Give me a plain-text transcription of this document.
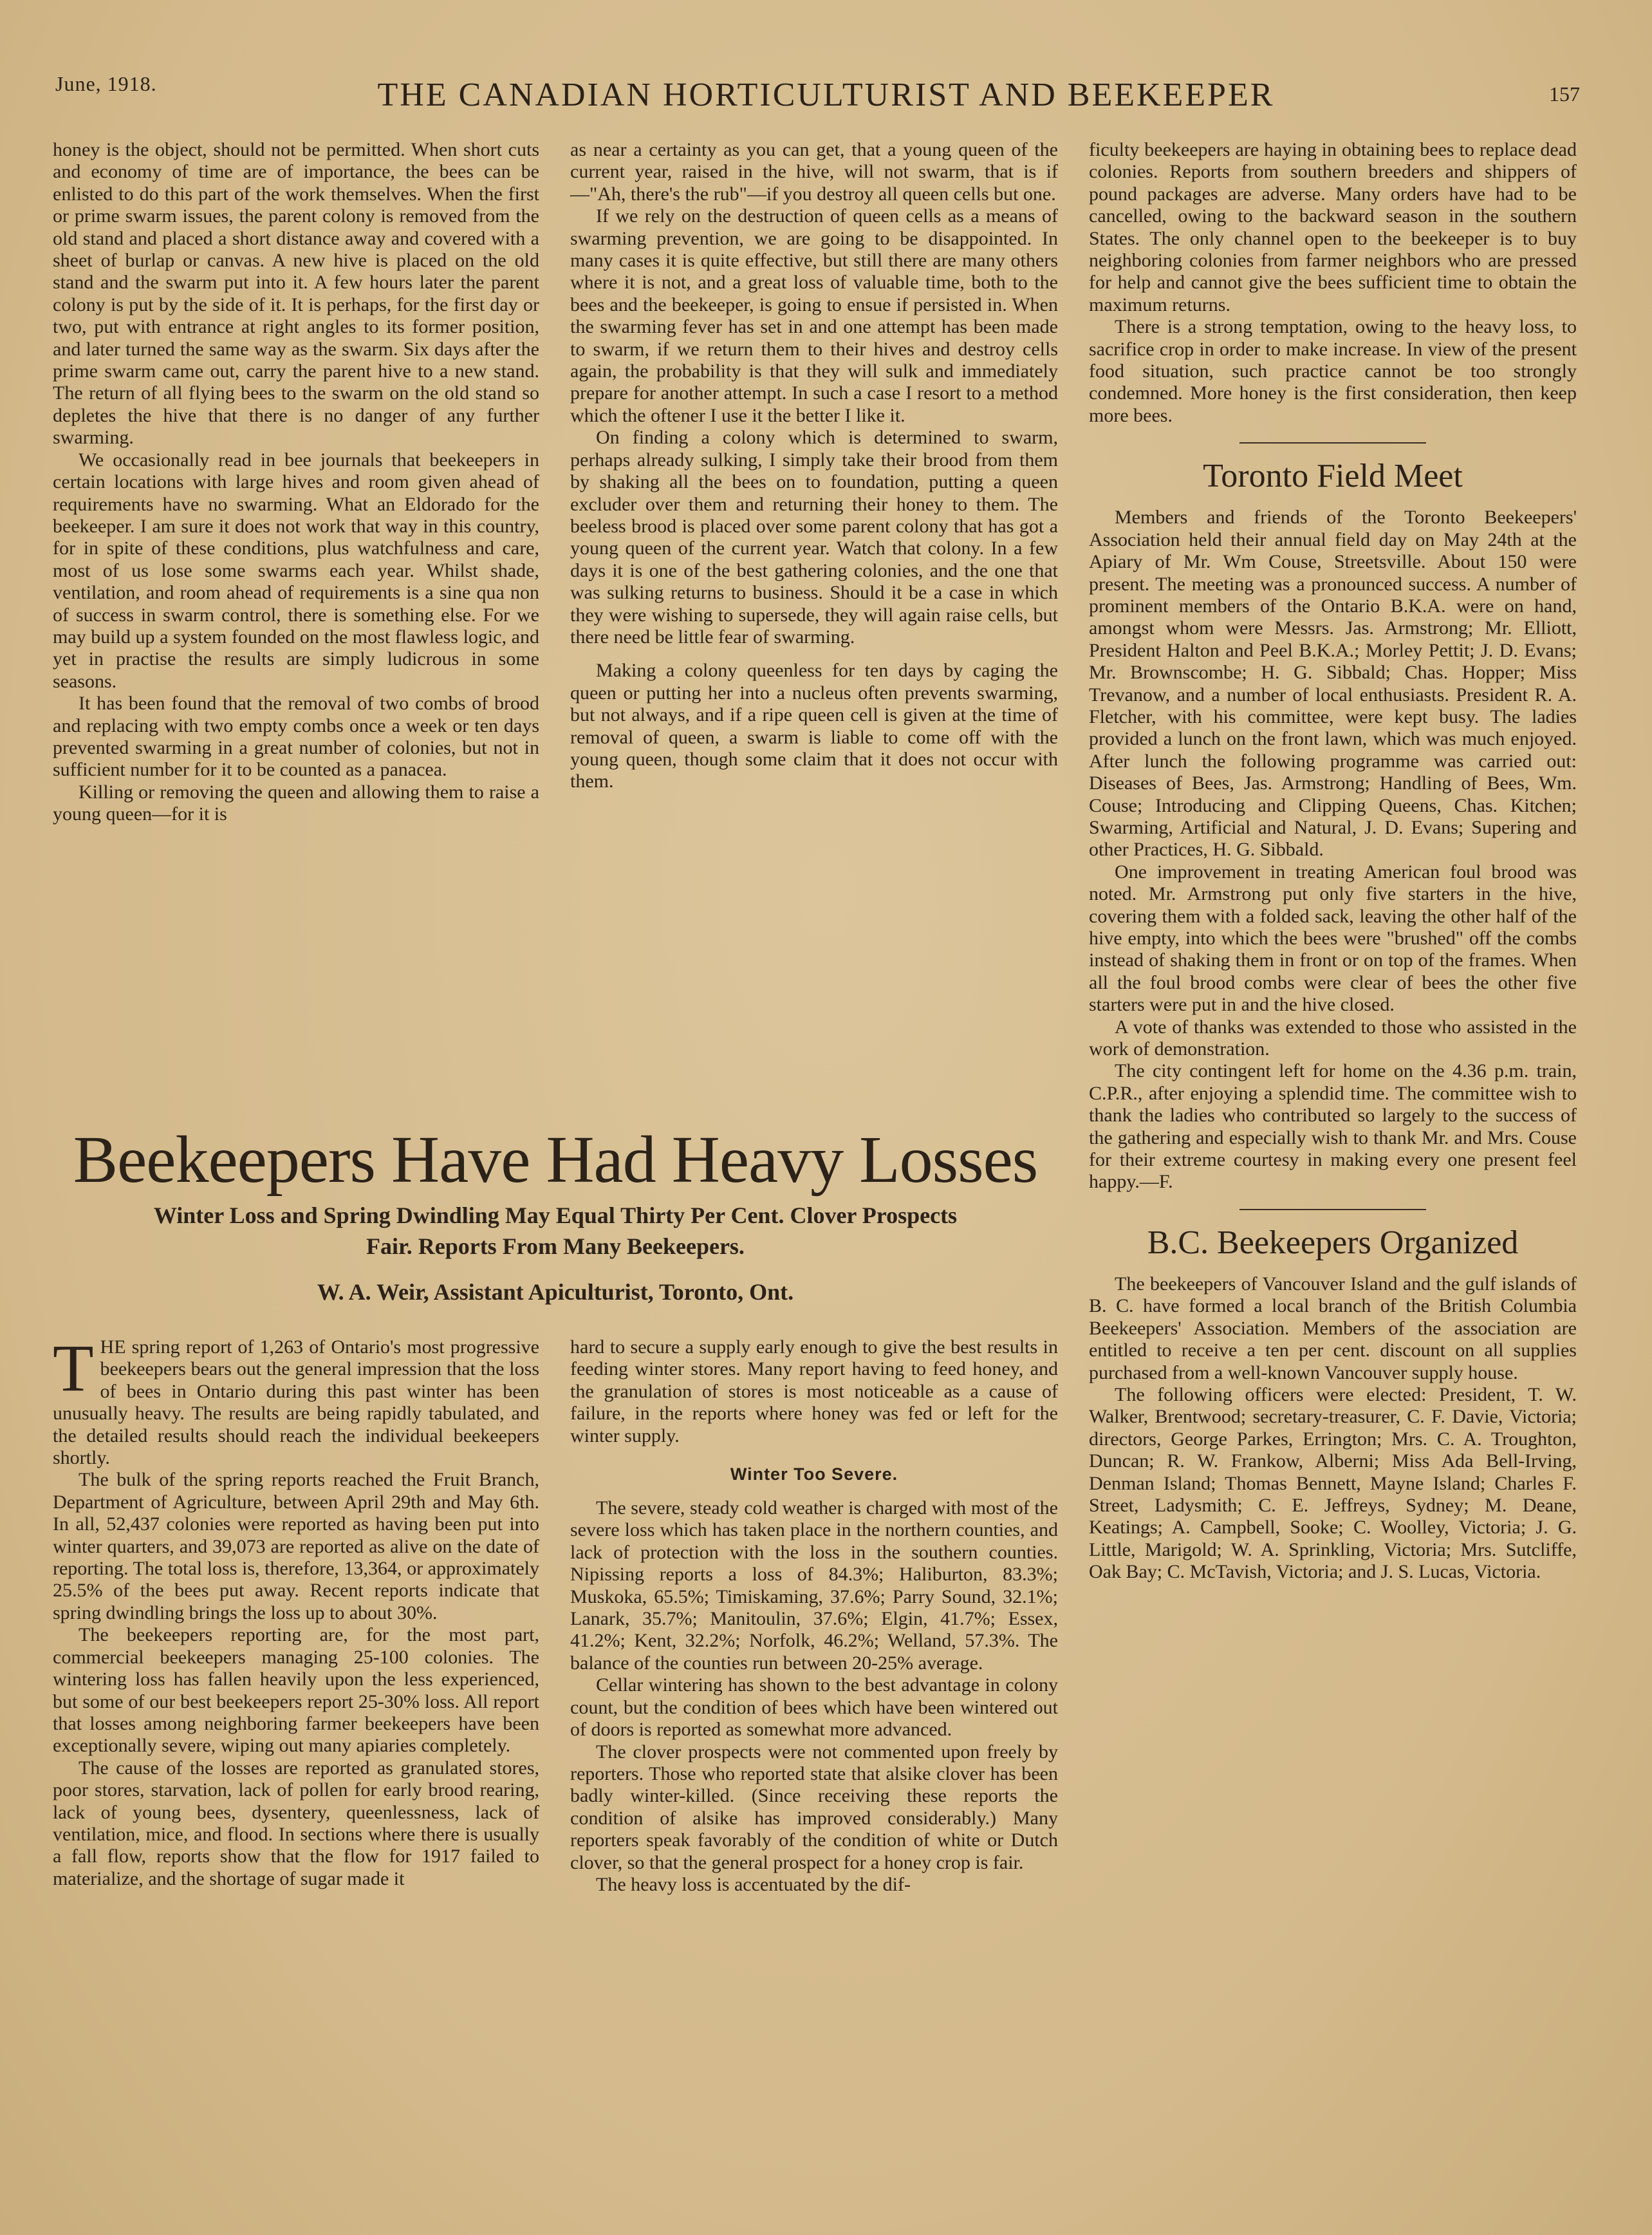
June, 1918.	THE CANADIAN HORTICULTURIST AND BEEKEEPER	157

honey is the object, should not be permitted. When short cuts and economy of time are of importance, the bees can be enlisted to do this part of the work themselves. When the first or prime swarm issues, the parent colony is removed from the old stand and placed a short distance away and covered with a sheet of burlap or canvas. A new hive is placed on the old stand and the swarm put into it. A few hours later the parent colony is put by the side of it. It is perhaps, for the first day or two, put with entrance at right angles to its former position, and later turned the same way as the swarm. Six days after the prime swarm came out, carry the parent hive to a new stand. The return of all flying bees to the swarm on the old stand so depletes the hive that there is no danger of any further swarming.

We occasionally read in bee journals that beekeepers in certain locations with large hives and room given ahead of requirements have no swarming. What an Eldorado for the beekeeper. I am sure it does not work that way in this country, for in spite of these conditions, plus watchfulness and care, most of us lose some swarms each year. Whilst shade, ventilation, and room ahead of requirements is a sine qua non of success in swarm control, there is something else. For we may build up a system founded on the most flawless logic, and yet in practise the results are simply ludicrous in some seasons.

It has been found that the removal of two combs of brood and replacing with two empty combs once a week or ten days prevented swarming in a great number of colonies, but not in sufficient number for it to be counted as a panacea.

Killing or removing the queen and allowing them to raise a young queen—for it is

as near a certainty as you can get, that a young queen of the current year, raised in the hive, will not swarm, that is if—"Ah, there's the rub"—if you destroy all queen cells but one.

If we rely on the destruction of queen cells as a means of swarming prevention, we are going to be disappointed. In many cases it is quite effective, but still there are many others where it is not, and a great loss of valuable time, both to the bees and the beekeeper, is going to ensue if persisted in. When the swarming fever has set in and one attempt has been made to swarm, if we return them to their hives and destroy cells again, the probability is that they will sulk and immediately prepare for another attempt. In such a case I resort to a method which the oftener I use it the better I like it.

On finding a colony which is determined to swarm, perhaps already sulking, I simply take their brood from them by shaking all the bees on to foundation, putting a queen excluder over them and returning their honey to them. The beeless brood is placed over some parent colony that has got a young queen of the current year. Watch that colony. In a few days it is one of the best gathering colonies, and the one that was sulking returns to business. Should it be a case in which they were wishing to supersede, they will again raise cells, but there need be little fear of swarming.

Making a colony queenless for ten days by caging the queen or putting her into a nucleus often prevents swarming, but not always, and if a ripe queen cell is given at the time of removal of queen, a swarm is liable to come off with the young queen, though some claim that it does not occur with them.

Beekeepers Have Had Heavy Losses
Winter Loss and Spring Dwindling May Equal Thirty Per Cent. Clover Prospects
Fair. Reports From Many Beekeepers.
W. A. Weir, Assistant Apiculturist, Toronto, Ont.

THE spring report of 1,263 of Ontario's most progressive beekeepers bears out the general impression that the loss of bees in Ontario during this past winter has been unusually heavy. The results are being rapidly tabulated, and the detailed results should reach the individual beekeepers shortly.

The bulk of the spring reports reached the Fruit Branch, Department of Agriculture, between April 29th and May 6th. In all, 52,437 colonies were reported as having been put into winter quarters, and 39,073 are reported as alive on the date of reporting. The total loss is, therefore, 13,364, or approximately 25.5% of the bees put away. Recent reports indicate that spring dwindling brings the loss up to about 30%.

The beekeepers reporting are, for the most part, commercial beekeepers managing 25-100 colonies. The wintering loss has fallen heavily upon the less experienced, but some of our best beekeepers report 25-30% loss. All report that losses among neighboring farmer beekeepers have been exceptionally severe, wiping out many apiaries completely.

The cause of the losses are reported as granulated stores, poor stores, starvation, lack of pollen for early brood rearing, lack of young bees, dysentery, queenlessness, lack of ventilation, mice, and flood. In sections where there is usually a fall flow, reports show that the flow for 1917 failed to materialize, and the shortage of sugar made it

hard to secure a supply early enough to give the best results in feeding winter stores. Many report having to feed honey, and the granulation of stores is most noticeable as a cause of failure, in the reports where honey was fed or left for the winter supply.

Winter Too Severe.

The severe, steady cold weather is charged with most of the severe loss which has taken place in the northern counties, and lack of protection with the loss in the southern counties. Nipissing reports a loss of 84.3%; Haliburton, 83.3%; Muskoka, 65.5%; Timiskaming, 37.6%; Parry Sound, 32.1%; Lanark, 35.7%; Manitoulin, 37.6%; Elgin, 41.7%; Essex, 41.2%; Kent, 32.2%; Norfolk, 46.2%; Welland, 57.3%. The balance of the counties run between 20-25% average.

Cellar wintering has shown to the best advantage in colony count, but the condition of bees which have been wintered out of doors is reported as somewhat more advanced.

The clover prospects were not commented upon freely by reporters. Those who reported state that alsike clover has been badly winter-killed. (Since receiving these reports the condition of alsike has improved considerably.) Many reporters speak favorably of the condition of white or Dutch clover, so that the general prospect for a honey crop is fair.

The heavy loss is accentuated by the dif-

ficulty beekeepers are haying in obtaining bees to replace dead colonies. Reports from southern breeders and shippers of pound packages are adverse. Many orders have had to be cancelled, owing to the backward season in the southern States. The only channel open to the beekeeper is to buy neighboring colonies from farmer neighbors who are pressed for help and cannot give the bees sufficient time to obtain the maximum returns.

There is a strong temptation, owing to the heavy loss, to sacrifice crop in order to make increase. In view of the present food situation, such practice cannot be too strongly condemned. More honey is the first consideration, then keep more bees.

Toronto Field Meet

Members and friends of the Toronto Beekeepers' Association held their annual field day on May 24th at the Apiary of Mr. Wm Couse, Streetsville. About 150 were present. The meeting was a pronounced success. A number of prominent members of the Ontario B.K.A. were on hand, amongst whom were Messrs. Jas. Armstrong; Mr. Elliott, President Halton and Peel B.K.A.; Morley Pettit; J. D. Evans; Mr. Brownscombe; H. G. Sibbald; Chas. Hopper; Miss Trevanow, and a number of local enthusiasts. President R. A. Fletcher, with his committee, were kept busy. The ladies provided a lunch on the front lawn, which was much enjoyed. After lunch the following programme was carried out: Diseases of Bees, Jas. Armstrong; Handling of Bees, Wm. Couse; Introducing and Clipping Queens, Chas. Kitchen; Swarming, Artificial and Natural, J. D. Evans; Supering and other Practices, H. G. Sibbald.

One improvement in treating American foul brood was noted. Mr. Armstrong put only five starters in the hive, covering them with a folded sack, leaving the other half of the hive empty, into which the bees were "brushed" off the combs instead of shaking them in front or on top of the frames. When all the foul brood combs were clear of bees the other five starters were put in and the hive closed.

A vote of thanks was extended to those who assisted in the work of demonstration.

The city contingent left for home on the 4.36 p.m. train, C.P.R., after enjoying a splendid time. The committee wish to thank the ladies who contributed so largely to the success of the gathering and especially wish to thank Mr. and Mrs. Couse for their extreme courtesy in making every one present feel happy.—F.

B.C. Beekeepers Organized

The beekeepers of Vancouver Island and the gulf islands of B. C. have formed a local branch of the British Columbia Beekeepers' Association. Members of the association are entitled to receive a ten per cent. discount on all supplies purchased from a well-known Vancouver supply house.

The following officers were elected: President, T. W. Walker, Brentwood; secretary-treasurer, C. F. Davie, Victoria; directors, George Parkes, Errington; Mrs. C. A. Troughton, Duncan; R. W. Frankow, Alberni; Miss Ada Bell-Irving, Denman Island; Thomas Bennett, Mayne Island; Charles F. Street, Ladysmith; C. E. Jeffreys, Sydney; M. Deane, Keatings; A. Campbell, Sooke; C. Woolley, Victoria; J. G. Little, Marigold; W. A. Sprinkling, Victoria; Mrs. Sutcliffe, Oak Bay; C. McTavish, Victoria; and J. S. Lucas, Victoria.
